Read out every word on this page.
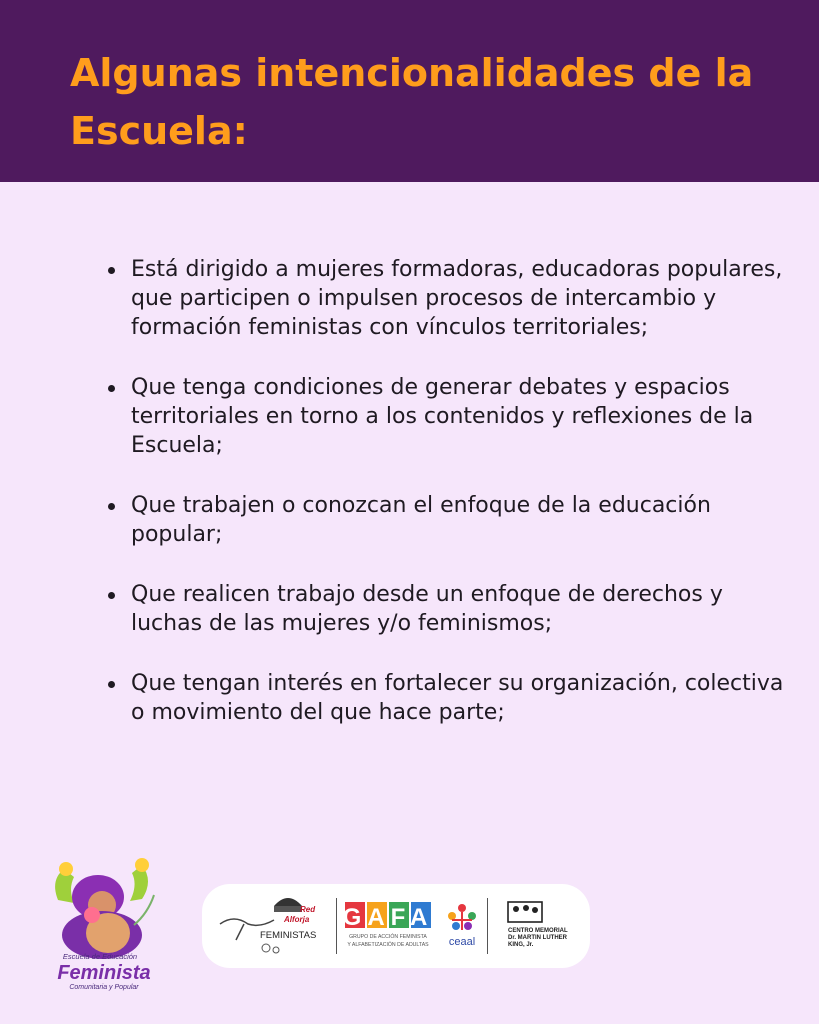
Algunas intencionalidades de la Escuela:
Está dirigido a mujeres formadoras, educadoras populares, que participen o impulsen procesos de intercambio y formación feministas con vínculos territoriales;
Que tenga condiciones de generar debates y espacios territoriales en torno a los contenidos y reflexiones de la Escuela;
Que trabajen o conozcan el enfoque de la educación popular;
Que realicen trabajo desde un enfoque de derechos y luchas de las mujeres y/o feminismos;
Que tengan interés en fortalecer su organización, colectiva o movimiento del que hace parte;
Escuela de Educación
Feminista
Comunitaria y Popular
Red
Alforja
FEMINISTAS
GAFA
GRUPO DE ACCIÓN FEMINISTA
Y ALFABETIZACIÓN DE ADULTAS ceaal
CENTRO MEMORIAL
Dr. MARTIN LUTHER
KING, Jr.
